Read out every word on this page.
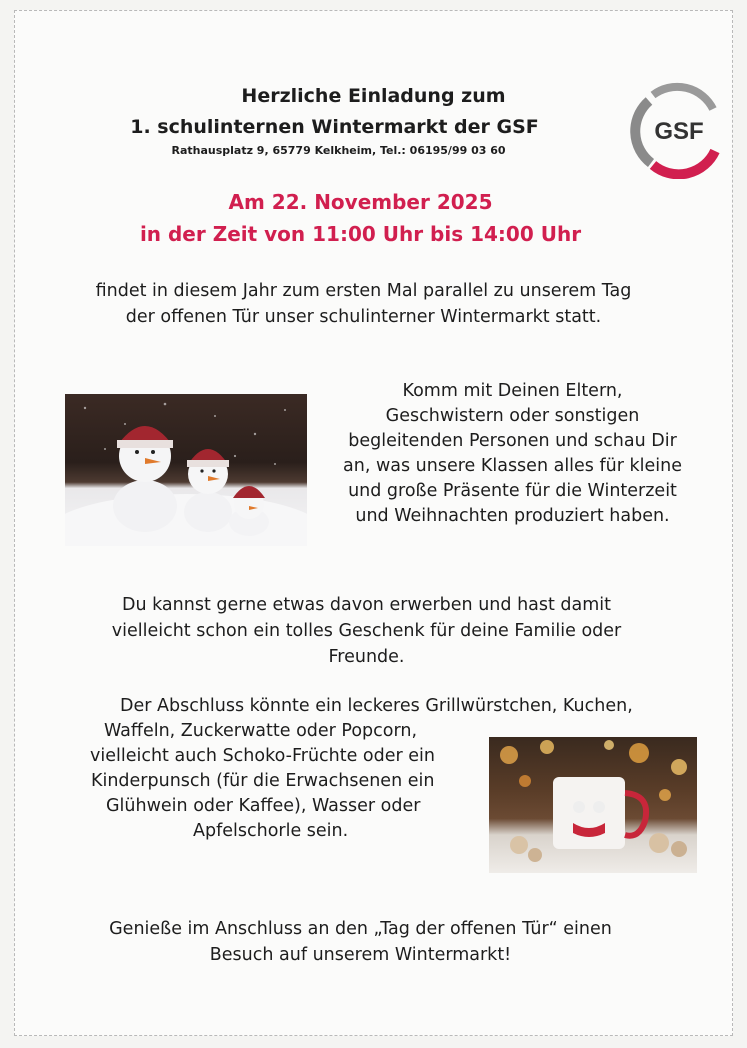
Herzliche Einladung zum
1. schulinternen Wintermarkt der GSF
Rathausplatz 9, 65779 Kelkheim, Tel.: 06195/99 03 60
GSF
Am 22. November 2025
in der Zeit von 11:00 Uhr bis 14:00 Uhr
findet in diesem Jahr zum ersten Mal parallel zu unserem Tag
der offenen Tür unser schulinterner Wintermarkt statt.
Komm mit Deinen Eltern,
Geschwistern oder sonstigen
begleitenden Personen und schau Dir
an, was unsere Klassen alles für kleine
und große Präsente für die Winterzeit
und Weihnachten produziert haben.
Du kannst gerne etwas davon erwerben und hast damit
vielleicht schon ein tolles Geschenk für deine Familie oder
Freunde.
Der Abschluss könnte ein leckeres Grillwürstchen, Kuchen,
Waffeln, Zuckerwatte oder Popcorn,
vielleicht auch Schoko-Früchte oder ein
Kinderpunsch (für die Erwachsenen ein
Glühwein oder Kaffee), Wasser oder
Apfelschorle sein.
Genieße im Anschluss an den „Tag der offenen Tür“ einen
Besuch auf unserem Wintermarkt!
